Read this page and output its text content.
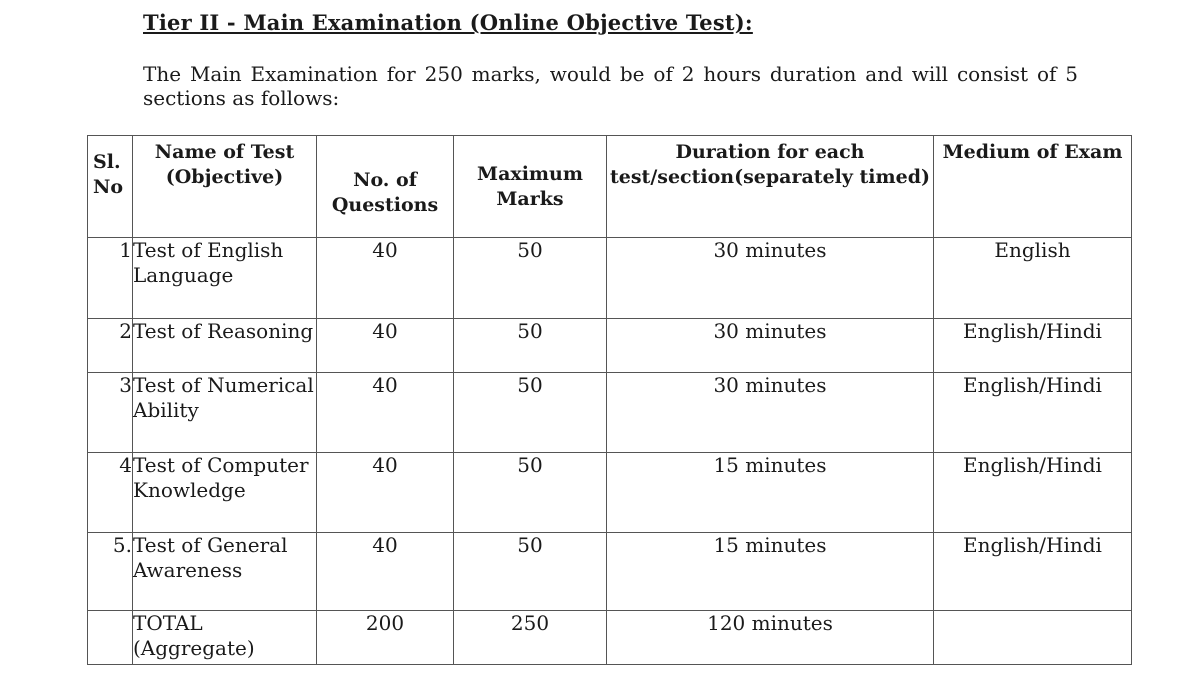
Tier II - Main Examination (Online Objective Test):
The Main Examination for 250 marks, would be of 2 hours duration and will consist of 5 sections as follows:
Sl. No	Name of Test (Objective)	No. of Questions	Maximum Marks	Duration for each test/section(separately timed)	Medium of Exam
1	Test of English Language	40	50	30 minutes	English
2	Test of Reasoning	40	50	30 minutes	English/Hindi
3	Test of Numerical Ability	40	50	30 minutes	English/Hindi
4	Test of Computer Knowledge	40	50	15 minutes	English/Hindi
5.	Test of General Awareness	40	50	15 minutes	English/Hindi
	TOTAL (Aggregate)	200	250	120 minutes	
